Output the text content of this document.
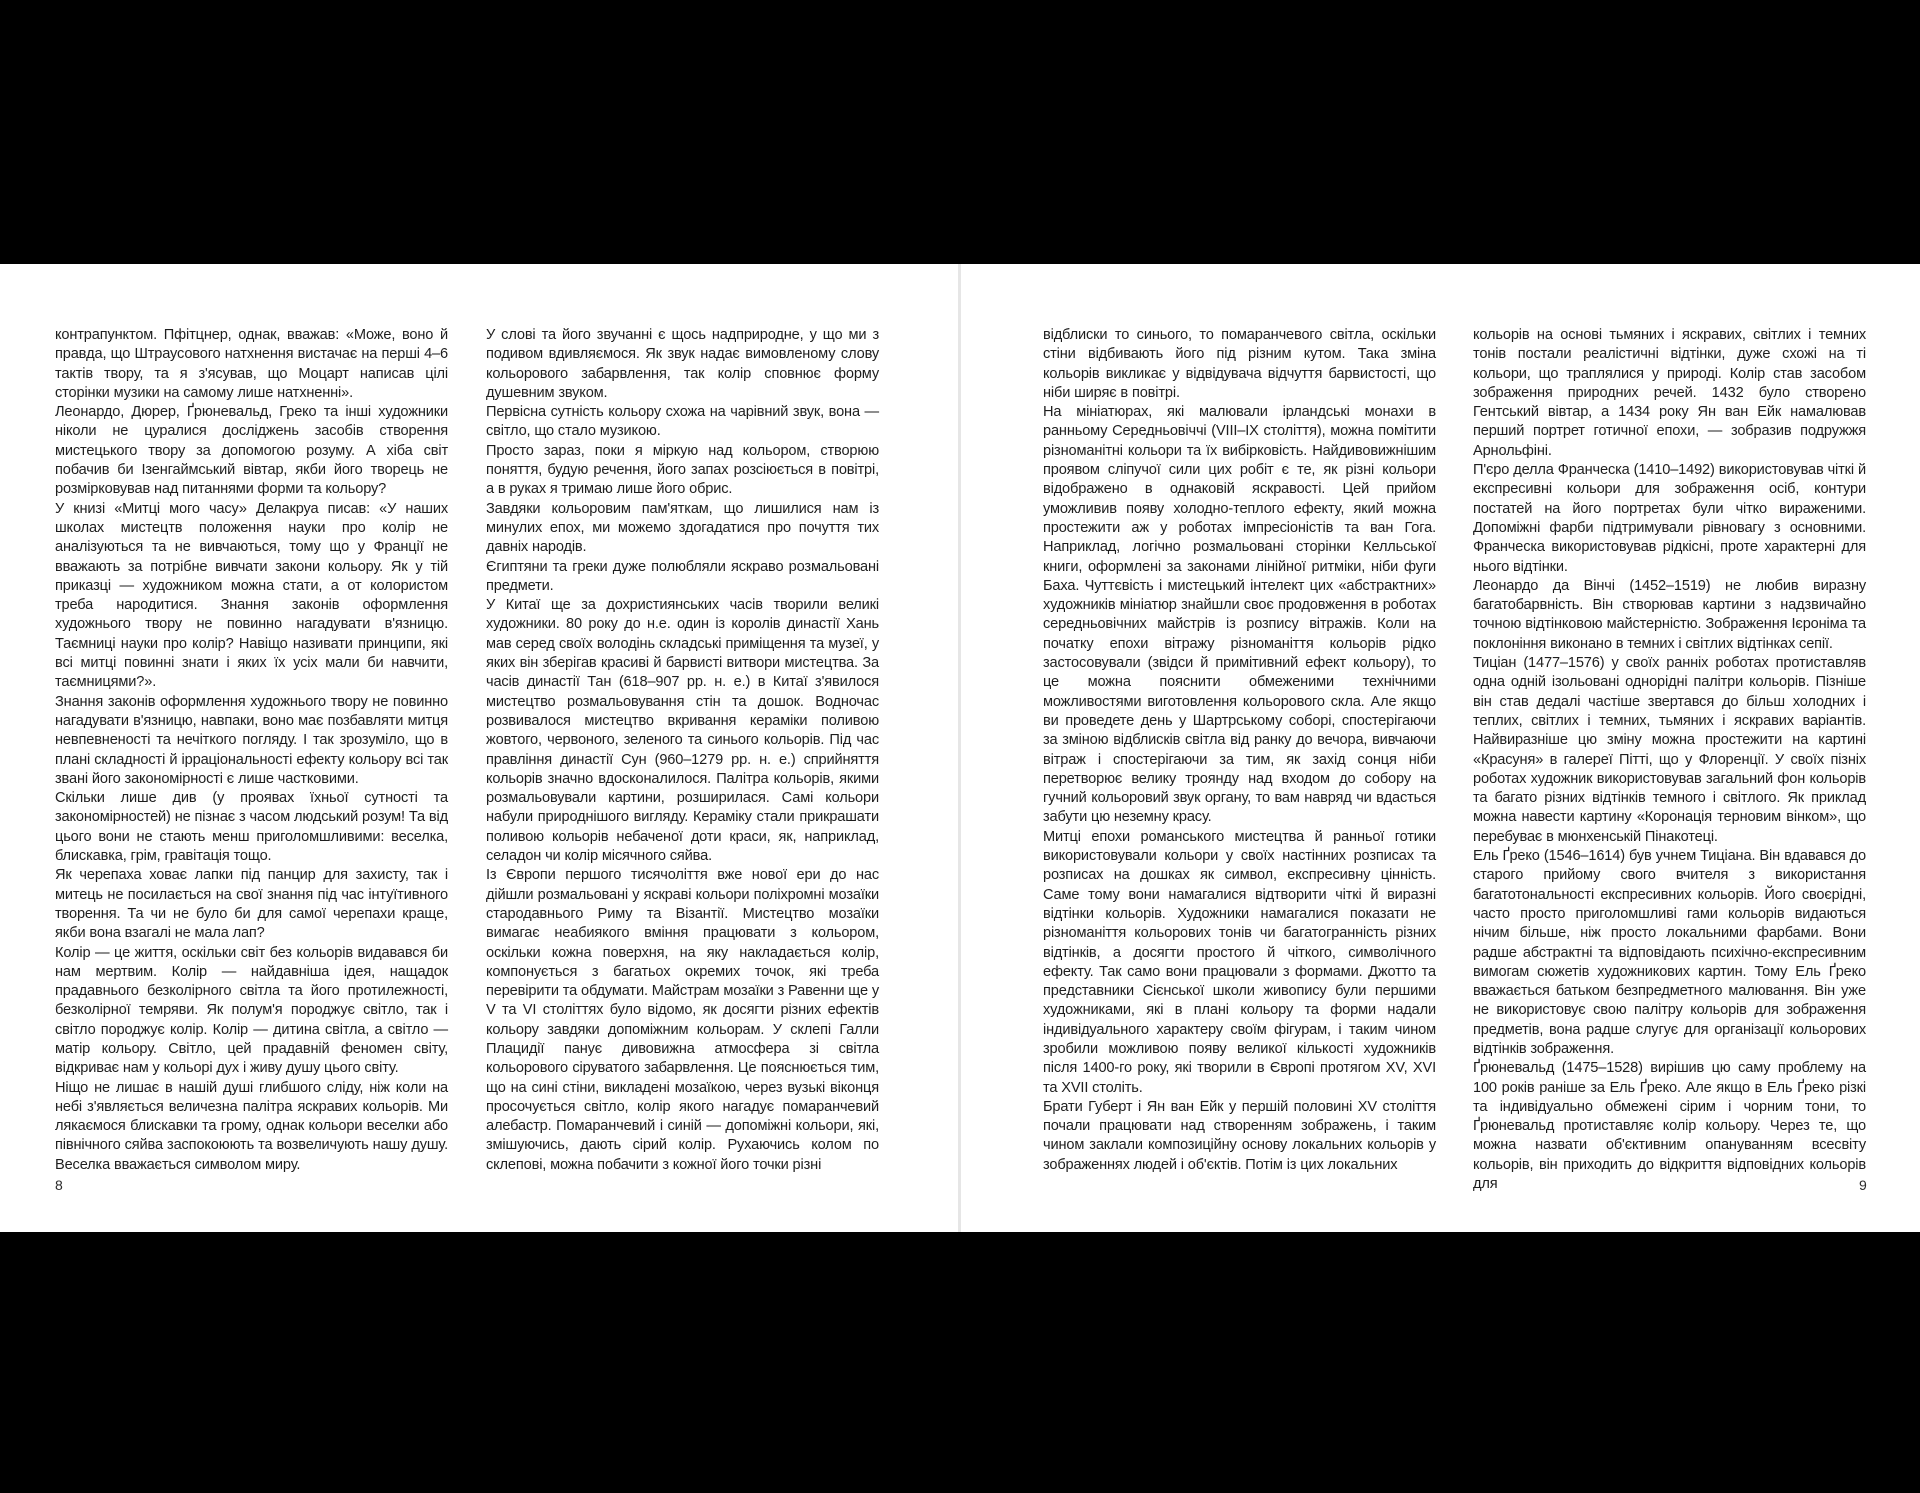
контрапунктом. Пфітцнер, однак, вважав: «Може, воно й правда, що Штраусового натхнення вистачає на перші 4–6 тактів твору, та я з'ясував, що Моцарт написав цілі сторінки музики на самому лише натхненні».

Леонардо, Дюрер, Ґрюневальд, Греко та інші художники ніколи не цуралися досліджень засобів створення мистецького твору за допомогою розуму. А хіба світ побачив би Ізенгаймський вівтар, якби його творець не розмірковував над питаннями форми та кольору?

У книзі «Митці мого часу» Делакруа писав: «У наших школах мистецтв положення науки про колір не аналізуються та не вивчаються, тому що у Франції не вважають за потрібне вивчати закони кольору. Як у тій приказці — художником можна стати, а от колористом треба народитися. Знання законів оформлення художнього твору не повинно нагадувати в'язницю. Таємниці науки про колір? Навіщо називати принципи, які всі митці повинні знати і яких їх усіх мали би навчити, таємницями?».

Знання законів оформлення художнього твору не повинно нагадувати в'язницю, навпаки, воно має позбавляти митця невпевненості та нечіткого погляду. І так зрозуміло, що в плані складності й ірраціональності ефекту кольору всі так звані його закономірності є лише частковими.

Скільки лише див (у проявах їхньої сутності та закономірностей) не пізнає з часом людський розум! Та від цього вони не стають менш приголомшливими: веселка, блискавка, грім, гравітація тощо.

Як черепаха ховає лапки під панцир для захисту, так і митець не посилається на свої знання під час інтуїтивного творення. Та чи не було би для самої черепахи краще, якби вона взагалі не мала лап?

Колір — це життя, оскільки світ без кольорів видавався би нам мертвим. Колір — найдавніша ідея, нащадок прадавнього безколірного світла та його протилежності, безколірної темряви. Як полум'я породжує світло, так і світло породжує колір. Колір — дитина світла, а світло — матір кольору. Світло, цей прадавній феномен світу, відкриває нам у кольорі дух і живу душу цього світу.

Ніщо не лишає в нашій душі глибшого сліду, ніж коли на небі з'являється величезна палітра яскравих кольорів. Ми лякаємося блискавки та грому, однак кольори веселки або північного сяйва заспокоюють та возвеличують нашу душу. Веселка вважається символом миру.

У слові та його звучанні є щось надприродне, у що ми з подивом вдивляємося. Як звук надає вимовленому слову кольорового забарвлення, так колір сповнює форму душевним звуком.

Первісна сутність кольору схожа на чарівний звук, вона — світло, що стало музикою.

Просто зараз, поки я міркую над кольором, створюю поняття, будую речення, його запах розсіюється в повітрі, а в руках я тримаю лише його обрис.

Завдяки кольоровим пам'яткам, що лишилися нам із минулих епох, ми можемо здогадатися про почуття тих давніх народів.

Єгиптяни та греки дуже полюбляли яскраво розмальовані предмети.

У Китаї ще за дохристиянських часів творили великі художники. 80 року до н.е. один із королів династії Хань мав серед своїх володінь складські приміщення та музеї, у яких він зберігав красиві й барвисті витвори мистецтва. За часів династії Тан (618–907 рр. н. е.) в Китаї з'явилося мистецтво розмальовування стін та дошок. Водночас розвивалося мистецтво вкривання кераміки поливою жовтого, червоного, зеленого та синього кольорів. Під час правління династії Сун (960–1279 рр. н. е.) сприйняття кольорів значно вдосконалилося. Палітра кольорів, якими розмальовували картини, розширилася. Самі кольори набули природнішого вигляду. Кераміку стали прикрашати поливою кольорів небаченої доти краси, як, наприклад, селадон чи колір місячного сяйва.

Із Європи першого тисячоліття вже нової ери до нас дійшли розмальовані у яскраві кольори поліхромні мозаїки стародавнього Риму та Візантії. Мистецтво мозаїки вимагає неабиякого вміння працювати з кольором, оскільки кожна поверхня, на яку накладається колір, компонується з багатьох окремих точок, які треба перевірити та обдумати. Майстрам мозаїки з Равенни ще у V та VI століттях було відомо, як досягти різних ефектів кольору завдяки допоміжним кольорам. У склепі Галли Плацидії панує дивовижна атмосфера зі світла кольорового сіруватого забарвлення. Це пояснюється тим, що на сині стіни, викладені мозаїкою, через вузькі віконця просочується світло, колір якого нагадує помаранчевий алебастр. Помаранчевий і синій — допоміжні кольори, які, змішуючись, дають сірий колір. Рухаючись колом по склепові, можна побачити з кожної його точки різні

8

відблиски то синього, то помаранчевого світла, оскільки стіни відбивають його під різним кутом. Така зміна кольорів викликає у відвідувача відчуття барвистості, що ніби ширяє в повітрі.

На мініатюрах, які малювали ірландські монахи в ранньому Середньовіччі (VIII–IX століття), можна помітити різноманітні кольори та їх вибірковість. Найдивовижнішим проявом сліпучої сили цих робіт є те, як різні кольори відображено в однаковій яскравості. Цей прийом уможливив появу холодно-теплого ефекту, який можна простежити аж у роботах імпресіоністів та ван Гога. Наприклад, логічно розмальовані сторінки Келльської книги, оформлені за законами лінійної ритміки, ніби фуги Баха. Чуттєвість і мистецький інтелект цих «абстрактних» художників мініатюр знайшли своє продовження в роботах середньовічних майстрів із розпису вітражів. Коли на початку епохи вітражу різноманіття кольорів рідко застосовували (звідси й примітивний ефект кольору), то це можна пояснити обмеженими технічними можливостями виготовлення кольорового скла. Але якщо ви проведете день у Шартрському соборі, спостерігаючи за зміною відблисків світла від ранку до вечора, вивчаючи вітраж і спостерігаючи за тим, як захід сонця ніби перетворює велику троянду над входом до собору на гучний кольоровий звук органу, то вам навряд чи вдасться забути цю неземну красу.

Митці епохи романського мистецтва й ранньої готики використовували кольори у своїх настінних розписах та розписах на дошках як символ, експресивну цінність. Саме тому вони намагалися відтворити чіткі й виразні відтінки кольорів. Художники намагалися показати не різноманіття кольорових тонів чи багатогранність різних відтінків, а досягти простого й чіткого, символічного ефекту. Так само вони працювали з формами. Джотто та представники Сієнської школи живопису були першими художниками, які в плані кольору та форми надали індивідуального характеру своїм фігурам, і таким чином зробили можливою появу великої кількості художників після 1400-го року, які творили в Європі протягом XV, XVI та XVII століть.

Брати Губерт і Ян ван Ейк у першій половині XV століття почали працювати над створенням зображень, і таким чином заклали композиційну основу локальних кольорів у зображеннях людей і об'єктів. Потім із цих локальних

кольорів на основі тьмяних і яскравих, світлих і темних тонів постали реалістичні відтінки, дуже схожі на ті кольори, що траплялися у природі. Колір став засобом зображення природних речей. 1432 було створено Гентський вівтар, а 1434 року Ян ван Ейк намалював перший портрет готичної епохи, — зобразив подружжя Арнольфіні.

П'єро делла Франческа (1410–1492) використовував чіткі й експресивні кольори для зображення осіб, контури постатей на його портретах були чітко вираженими. Допоміжні фарби підтримували рівновагу з основними. Франческа використовував рідкісні, проте характерні для нього відтінки.

Леонардо да Вінчі (1452–1519) не любив виразну багатобарвність. Він створював картини з надзвичайно точною відтінковою майстерністю. Зображення Ієроніма та поклоніння виконано в темних і світлих відтінках сепії.

Тиціан (1477–1576) у своїх ранніх роботах протиставляв одна одній ізольовані однорідні палітри кольорів. Пізніше він став дедалі частіше звертався до більш холодних і теплих, світлих і темних, тьмяних і яскравих варіантів. Найвиразніше цю зміну можна простежити на картині «Красуня» в галереї Пітті, що у Флоренції. У своїх пізніх роботах художник використовував загальний фон кольорів та багато різних відтінків темного і світлого. Як приклад можна навести картину «Коронація терновим вінком», що перебуває в мюнхенській Пінакотеці.

Ель Ґреко (1546–1614) був учнем Тиціана. Він вдавався до старого прийому свого вчителя з використання багатотональності експресивних кольорів. Його своєрідні, часто просто приголомшливі гами кольорів видаються нічим більше, ніж просто локальними фарбами. Вони радше абстрактні та відповідають психічно-експресивним вимогам сюжетів художникових картин. Тому Ель Ґреко вважається батьком безпредметного малювання. Він уже не використовує свою палітру кольорів для зображення предметів, вона радше слугує для організації кольорових відтінків зображення.

Ґрюневальд (1475–1528) вирішив цю саму проблему на 100 років раніше за Ель Ґреко. Але якщо в Ель Ґреко різкі та індивідуально обмежені сірим і чорним тони, то Ґрюневальд протиставляє колір кольору. Через те, що можна назвати об'єктивним опануванням всесвіту кольорів, він приходить до відкриття відповідних кольорів для	9
